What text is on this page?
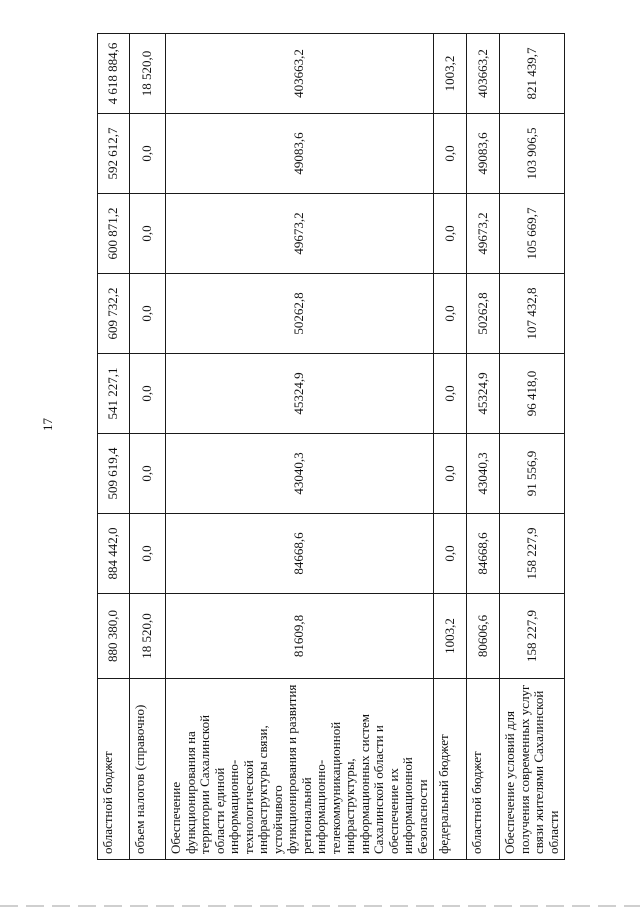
17
областной бюджет	880 380,0	884 442,0	509 619,4	541 227,1	609 732,2	600 871,2	592 612,7	4 618 884,6
объем налогов (справочно)	18 520,0	0,0	0,0	0,0	0,0	0,0	0,0	18 520,0
Обеспечение функционирования на территории Сахалинской области единой информационно-технологической инфраструктуры связи, устойчивого функционирования и развития региональной информационно-телекоммуникационной инфраструктуры, информационных систем Сахалинской области и обеспечение их информационной безопасности	81609,8	84668,6	43040,3	45324,9	50262,8	49673,2	49083,6	403663,2
федеральный бюджет	1003,2	0,0	0,0	0,0	0,0	0,0	0,0	1003,2
областной бюджет	80606,6	84668,6	43040,3	45324,9	50262,8	49673,2	49083,6	403663,2
Обеспечение условий для получения современных услуг связи жителями Сахалинской области	158 227,9	158 227,9	91 556,9	96 418,0	107 432,8	105 669,7	103 906,5	821 439,7
